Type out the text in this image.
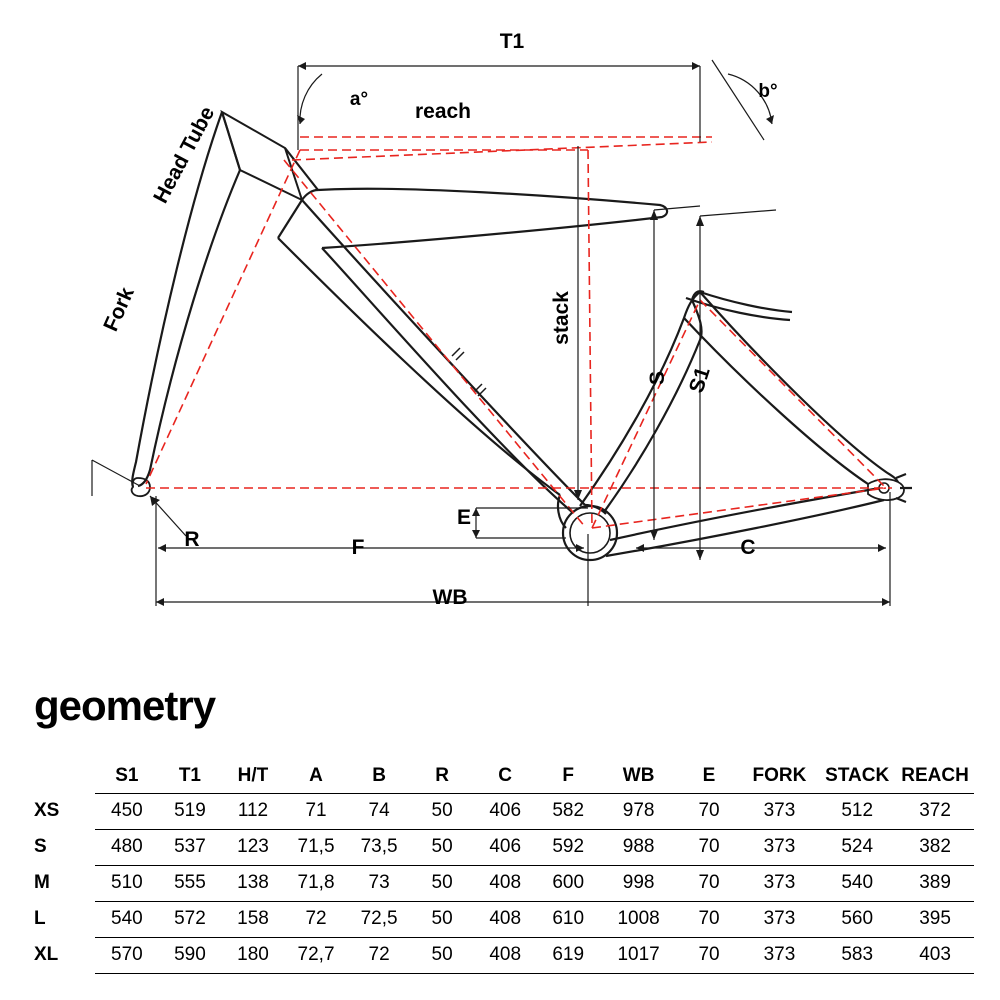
T1
reach
a°	b°
Head Tube
Fork	stack
S S1
R
E
F	C
WB
geometry
	S1	T1	H/T	A	B	R	C	F	WB	E	FORK	STACK	REACH
XS	450	519	112	71	74	50	406	582	978	70	373	512	372
S	480	537	123	71,5	73,5	50	406	592	988	70	373	524	382
M	510	555	138	71,8	73	50	408	600	998	70	373	540	389
L	540	572	158	72	72,5	50	408	610	1008	70	373	560	395
XL	570	590	180	72,7	72	50	408	619	1017	70	373	583	403
